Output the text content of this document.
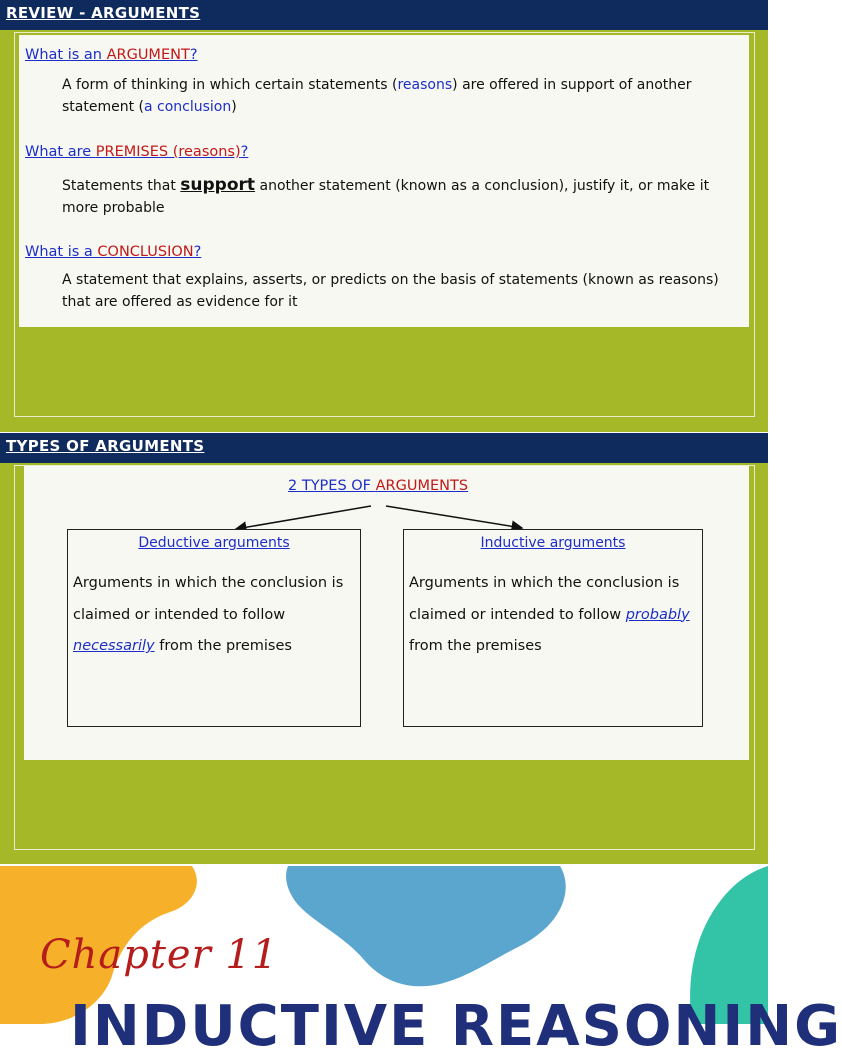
REVIEW - ARGUMENTS
What is an ARGUMENT?
A form of thinking in which certain statements (reasons) are offered in support of another statement (a conclusion)
What are PREMISES (reasons)?
Statements that support another statement (known as a conclusion), justify it, or make it more probable
What is a CONCLUSION?
A statement that explains, asserts, or predicts on the basis of statements (known as reasons) that are offered as evidence for it
TYPES OF ARGUMENTS
2 TYPES OF ARGUMENTS
Deductive arguments
Arguments in which the conclusion is claimed or intended to follow necessarily from the premises
Inductive arguments
Arguments in which the conclusion is claimed or intended to follow probably from the premises
Chapter 11
INDUCTIVE REASONING
